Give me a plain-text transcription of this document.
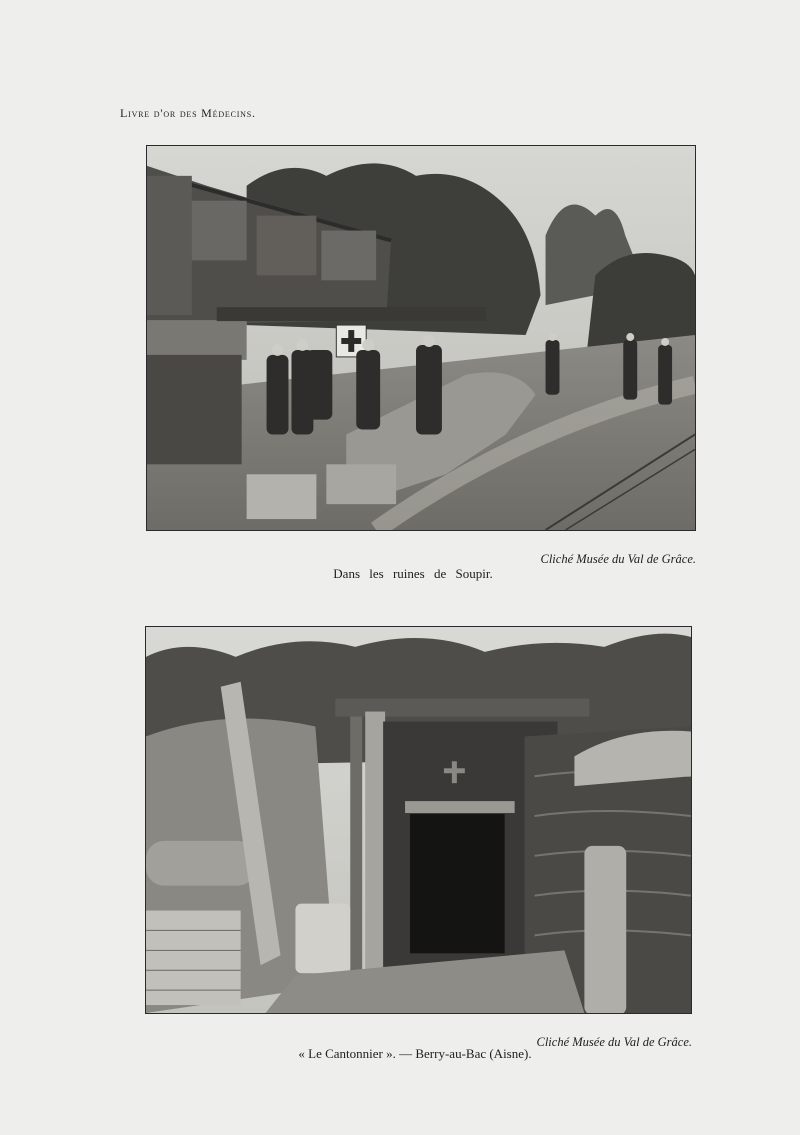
Livre d'or des Médecins.
Cliché Musée du Val de Grâce.
Dans les ruines de Soupir.
Cliché Musée du Val de Grâce.
« Le Cantonnier ». — Berry-au-Bac (Aisne).
